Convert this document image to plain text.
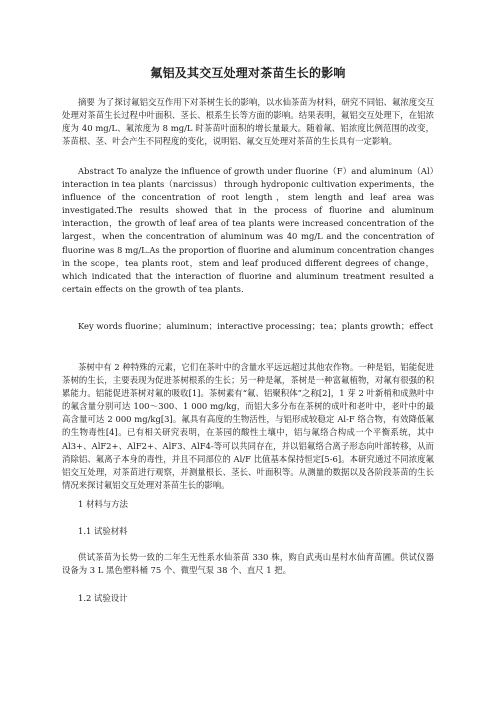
氟铝及其交互处理对茶苗生长的影响
摘要 为了探讨氟铝交互作用下对茶树生长的影响，以水仙茶苗为材料，研究不同铝、氟浓度交互处理对茶苗生长过程中叶面积、茎长、根系生长等方面的影响。结果表明，氟铝交互处理下，在铝浓度为 40 mg/L、氟浓度为 8 mg/L 时茶苗叶面积的增长量最大。随着氟、铝浓度比例范围的改变，茶苗根、茎、叶会产生不同程度的变化，说明铝、氟交互处理对茶苗的生长具有一定影响。
Abstract To analyze the influence of growth under fluorine（F）and aluminum（Al）interaction in tea plants（narcissus） through hydroponic cultivation experiments，the influence of the concentration of root length，stem length and leaf area was investigated.The results showed that in the process of fluorine and aluminum interaction，the growth of leaf area of tea plants were increased concentration of the largest，when the concentration of aluminum was 40 mg/L and the concentration of fluorine was 8 mg/L.As the proportion of fluorine and aluminum concentration changes in the scope，tea plants root，stem and leaf produced different degrees of change，which indicated that the interaction of fluorine and aluminum treatment resulted a certain effects on the growth of tea plants.
Key words fluorine；aluminum；interactive processing；tea；plants growth；effect
茶树中有 2 种特殊的元素，它们在茶叶中的含量水平远远超过其他农作物。一种是铝，铝能促进茶树的生长，主要表现为促进茶树根系的生长；另一种是氟，茶树是一种富氟植物，对氟有很强的积累能力。铝能促进茶树对氟的吸收[1]。茶树素有“氟、铝聚积体”之称[2]，1 芽 2 叶新梢和成熟叶中的氟含量分别可达 100～300、1 000 mg/kg，而铝大多分布在茶树的成叶和老叶中，老叶中的最高含量可达 2 000 mg/kg[3]。氟具有高度的生物活性，与铝形成较稳定 Al-F 络合物，有效降低氟的生物毒性[4]。已有相关研究表明，在茶园的酸性土壤中，铝与氟络合构成一个平衡系统，其中 Al3+、AlF2+、AlF2+、AlF3、AlF4-等可以共同存在，并以铝氟络合离子形态向叶部转移，从而消除铝、氟离子本身的毒性，并且不同部位的 Al/F 比值基本保持恒定[5-6]。本研究通过不同浓度氟铝交互处理，对茶苗进行观察，并测量根长、茎长、叶面积等。从测量的数据以及各阶段茶苗的生长情况来探讨氟铝交互处理对茶苗生长的影响。
1 材料与方法
1.1 试验材料
供试茶苗为长势一致的二年生无性系水仙茶苗 330 株，购自武夷山星村水仙育苗圃。供试仪器设备为 3 L 黑色塑料桶 75 个、微型气泵 38 个、直尺 1 把。
1.2 试验设计
